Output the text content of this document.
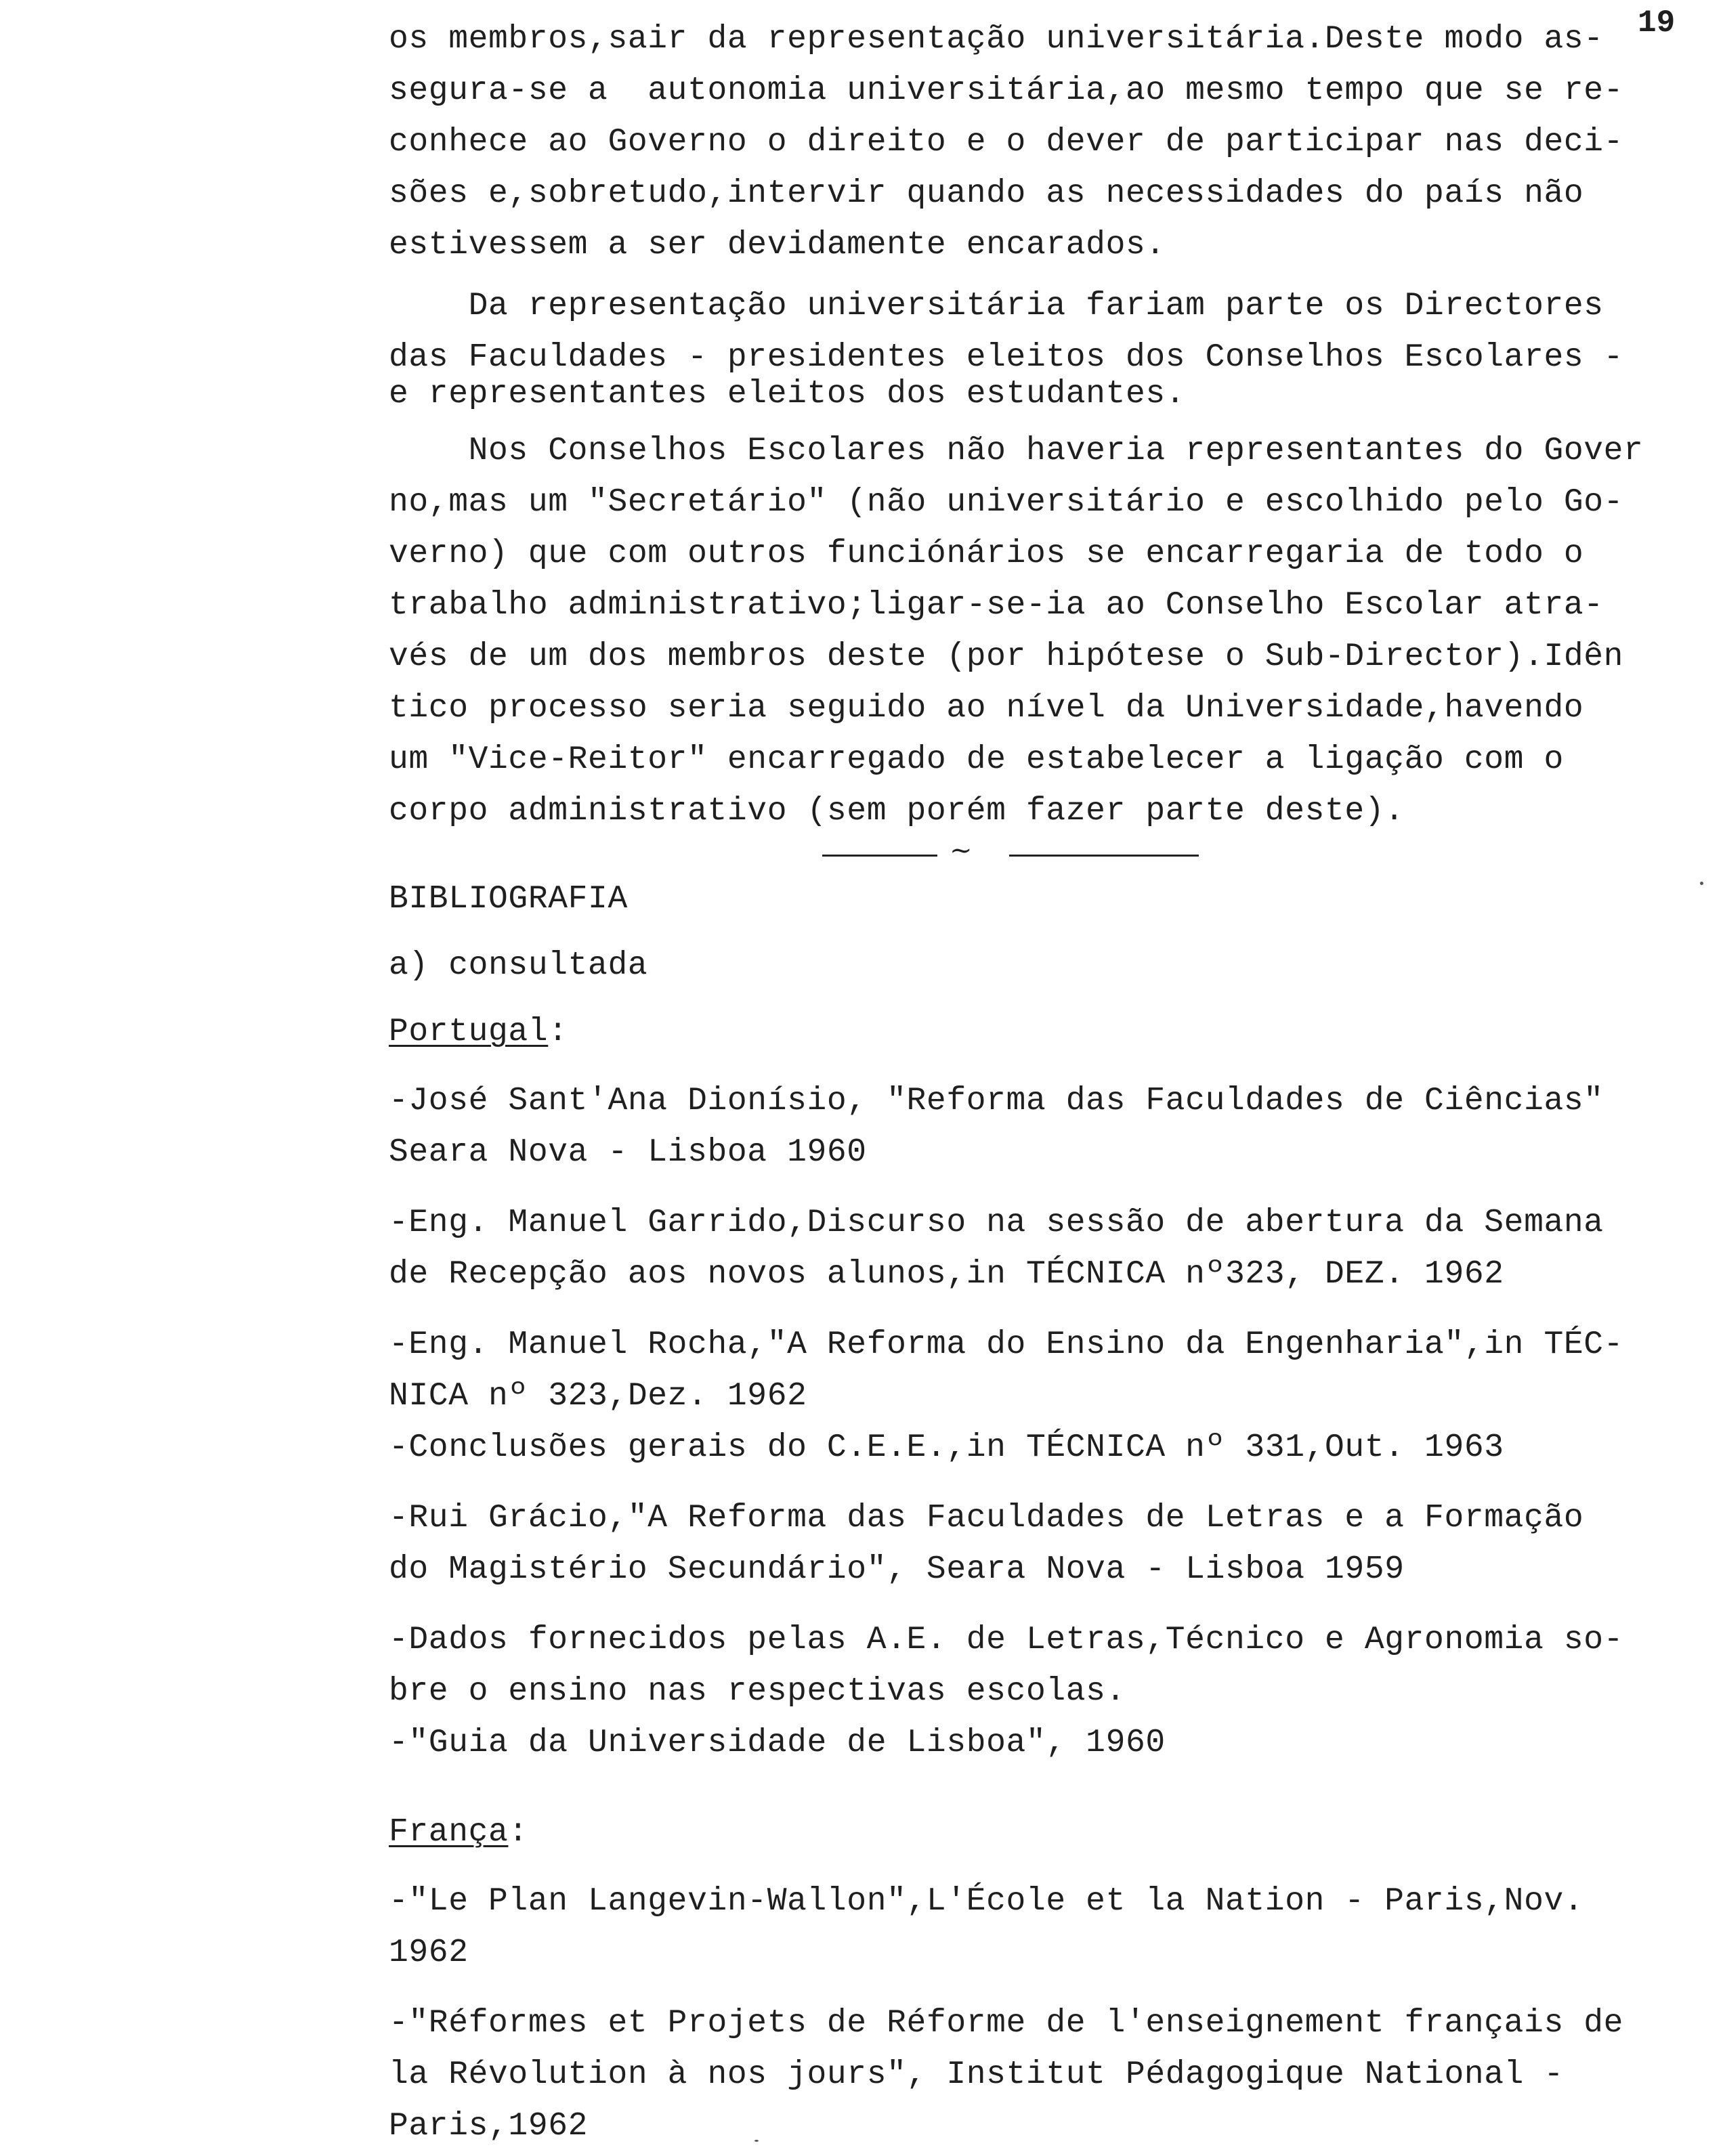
19
os membros,sair da representação universitária.Deste modo as-
segura-se a  autonomia universitária,ao mesmo tempo que se re-
conhece ao Governo o direito e o dever de participar nas deci-
sões e,sobretudo,intervir quando as necessidades do país não
estivessem a ser devidamente encarados.
Da representação universitária fariam parte os Directores
das Faculdades - presidentes eleitos dos Conselhos Escolares -
e representantes eleitos dos estudantes.
Nos Conselhos Escolares não haveria representantes do Gover
no,mas um "Secretário" (não universitário e escolhido pelo Go-
verno) que com outros funciónários se encarregaria de todo o
trabalho administrativo;ligar-se-ia ao Conselho Escolar atra-
vés de um dos membros deste (por hipótese o Sub-Director).Idên
tico processo seria seguido ao nível da Universidade,havendo
um "Vice-Reitor" encarregado de estabelecer a ligação com o
corpo administrativo (sem porém fazer parte deste).
~
BIBLIOGRAFIA
a) consultada
Portugal:
-José Sant'Ana Dionísio, "Reforma das Faculdades de Ciências"
Seara Nova - Lisboa 1960
-Eng. Manuel Garrido,Discurso na sessão de abertura da Semana
de Recepção aos novos alunos,in TÉCNICA nº323, DEZ. 1962
-Eng. Manuel Rocha,"A Reforma do Ensino da Engenharia",in TÉC-
NICA nº 323,Dez. 1962
-Conclusões gerais do C.E.E.,in TÉCNICA nº 331,Out. 1963
-Rui Grácio,"A Reforma das Faculdades de Letras e a Formação
do Magistério Secundário", Seara Nova - Lisboa 1959
-Dados fornecidos pelas A.E. de Letras,Técnico e Agronomia so-
bre o ensino nas respectivas escolas.
-"Guia da Universidade de Lisboa", 1960
França:
-"Le Plan Langevin-Wallon",L'École et la Nation - Paris,Nov.
1962
-"Réformes et Projets de Réforme de l'enseignement français de
la Révolution à nos jours", Institut Pédagogique National -
Paris,1962
